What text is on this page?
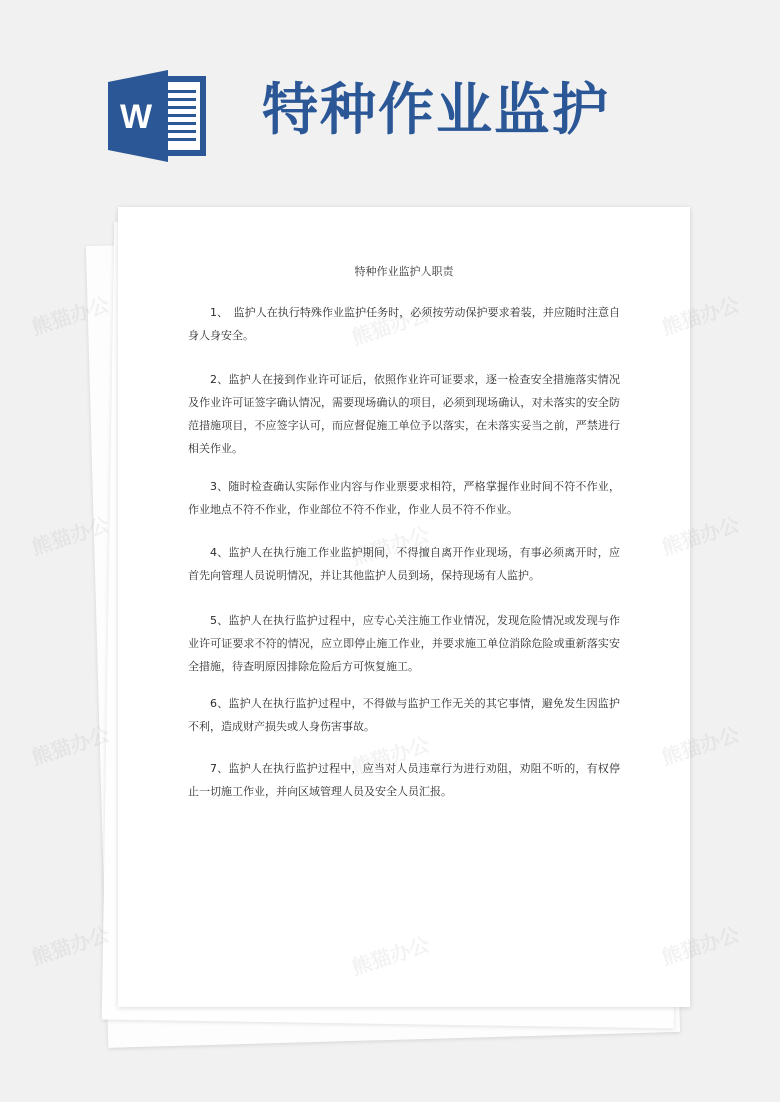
W 特种作业监护
特种作业监护人职责

1、　监护人在执行特殊作业监护任务时，必须按劳动保护要求着装，并应随时注意自身人身安全。

2、监护人在接到作业许可证后，依照作业许可证要求，逐一检查安全措施落实情况及作业许可证签字确认情况，需要现场确认的项目，必须到现场确认，对未落实的安全防范措施项目，不应签字认可，而应督促施工单位予以落实，在未落实妥当之前，严禁进行相关作业。

3、随时检查确认实际作业内容与作业票要求相符，严格掌握作业时间不符不作业，作业地点不符不作业，作业部位不符不作业，作业人员不符不作业。

4、监护人在执行施工作业监护期间，不得擅自离开作业现场，有事必须离开时，应首先向管理人员说明情况，并让其他监护人员到场，保持现场有人监护。

5、监护人在执行监护过程中，应专心关注施工作业情况，发现危险情况或发现与作业许可证要求不符的情况，应立即停止施工作业，并要求施工单位消除危险或重新落实安全措施，待查明原因排除危险后方可恢复施工。

6、监护人在执行监护过程中，不得做与监护工作无关的其它事情，避免发生因监护不利，造成财产损失或人身伤害事故。

7、监护人在执行监护过程中，应当对人员违章行为进行劝阻，劝阻不听的，有权停止一切施工作业，并向区域管理人员及安全人员汇报。

熊猫办公	熊猫办公
熊猫办公	熊猫办公
熊猫办公	熊猫办公
熊猫办公	熊猫办公
